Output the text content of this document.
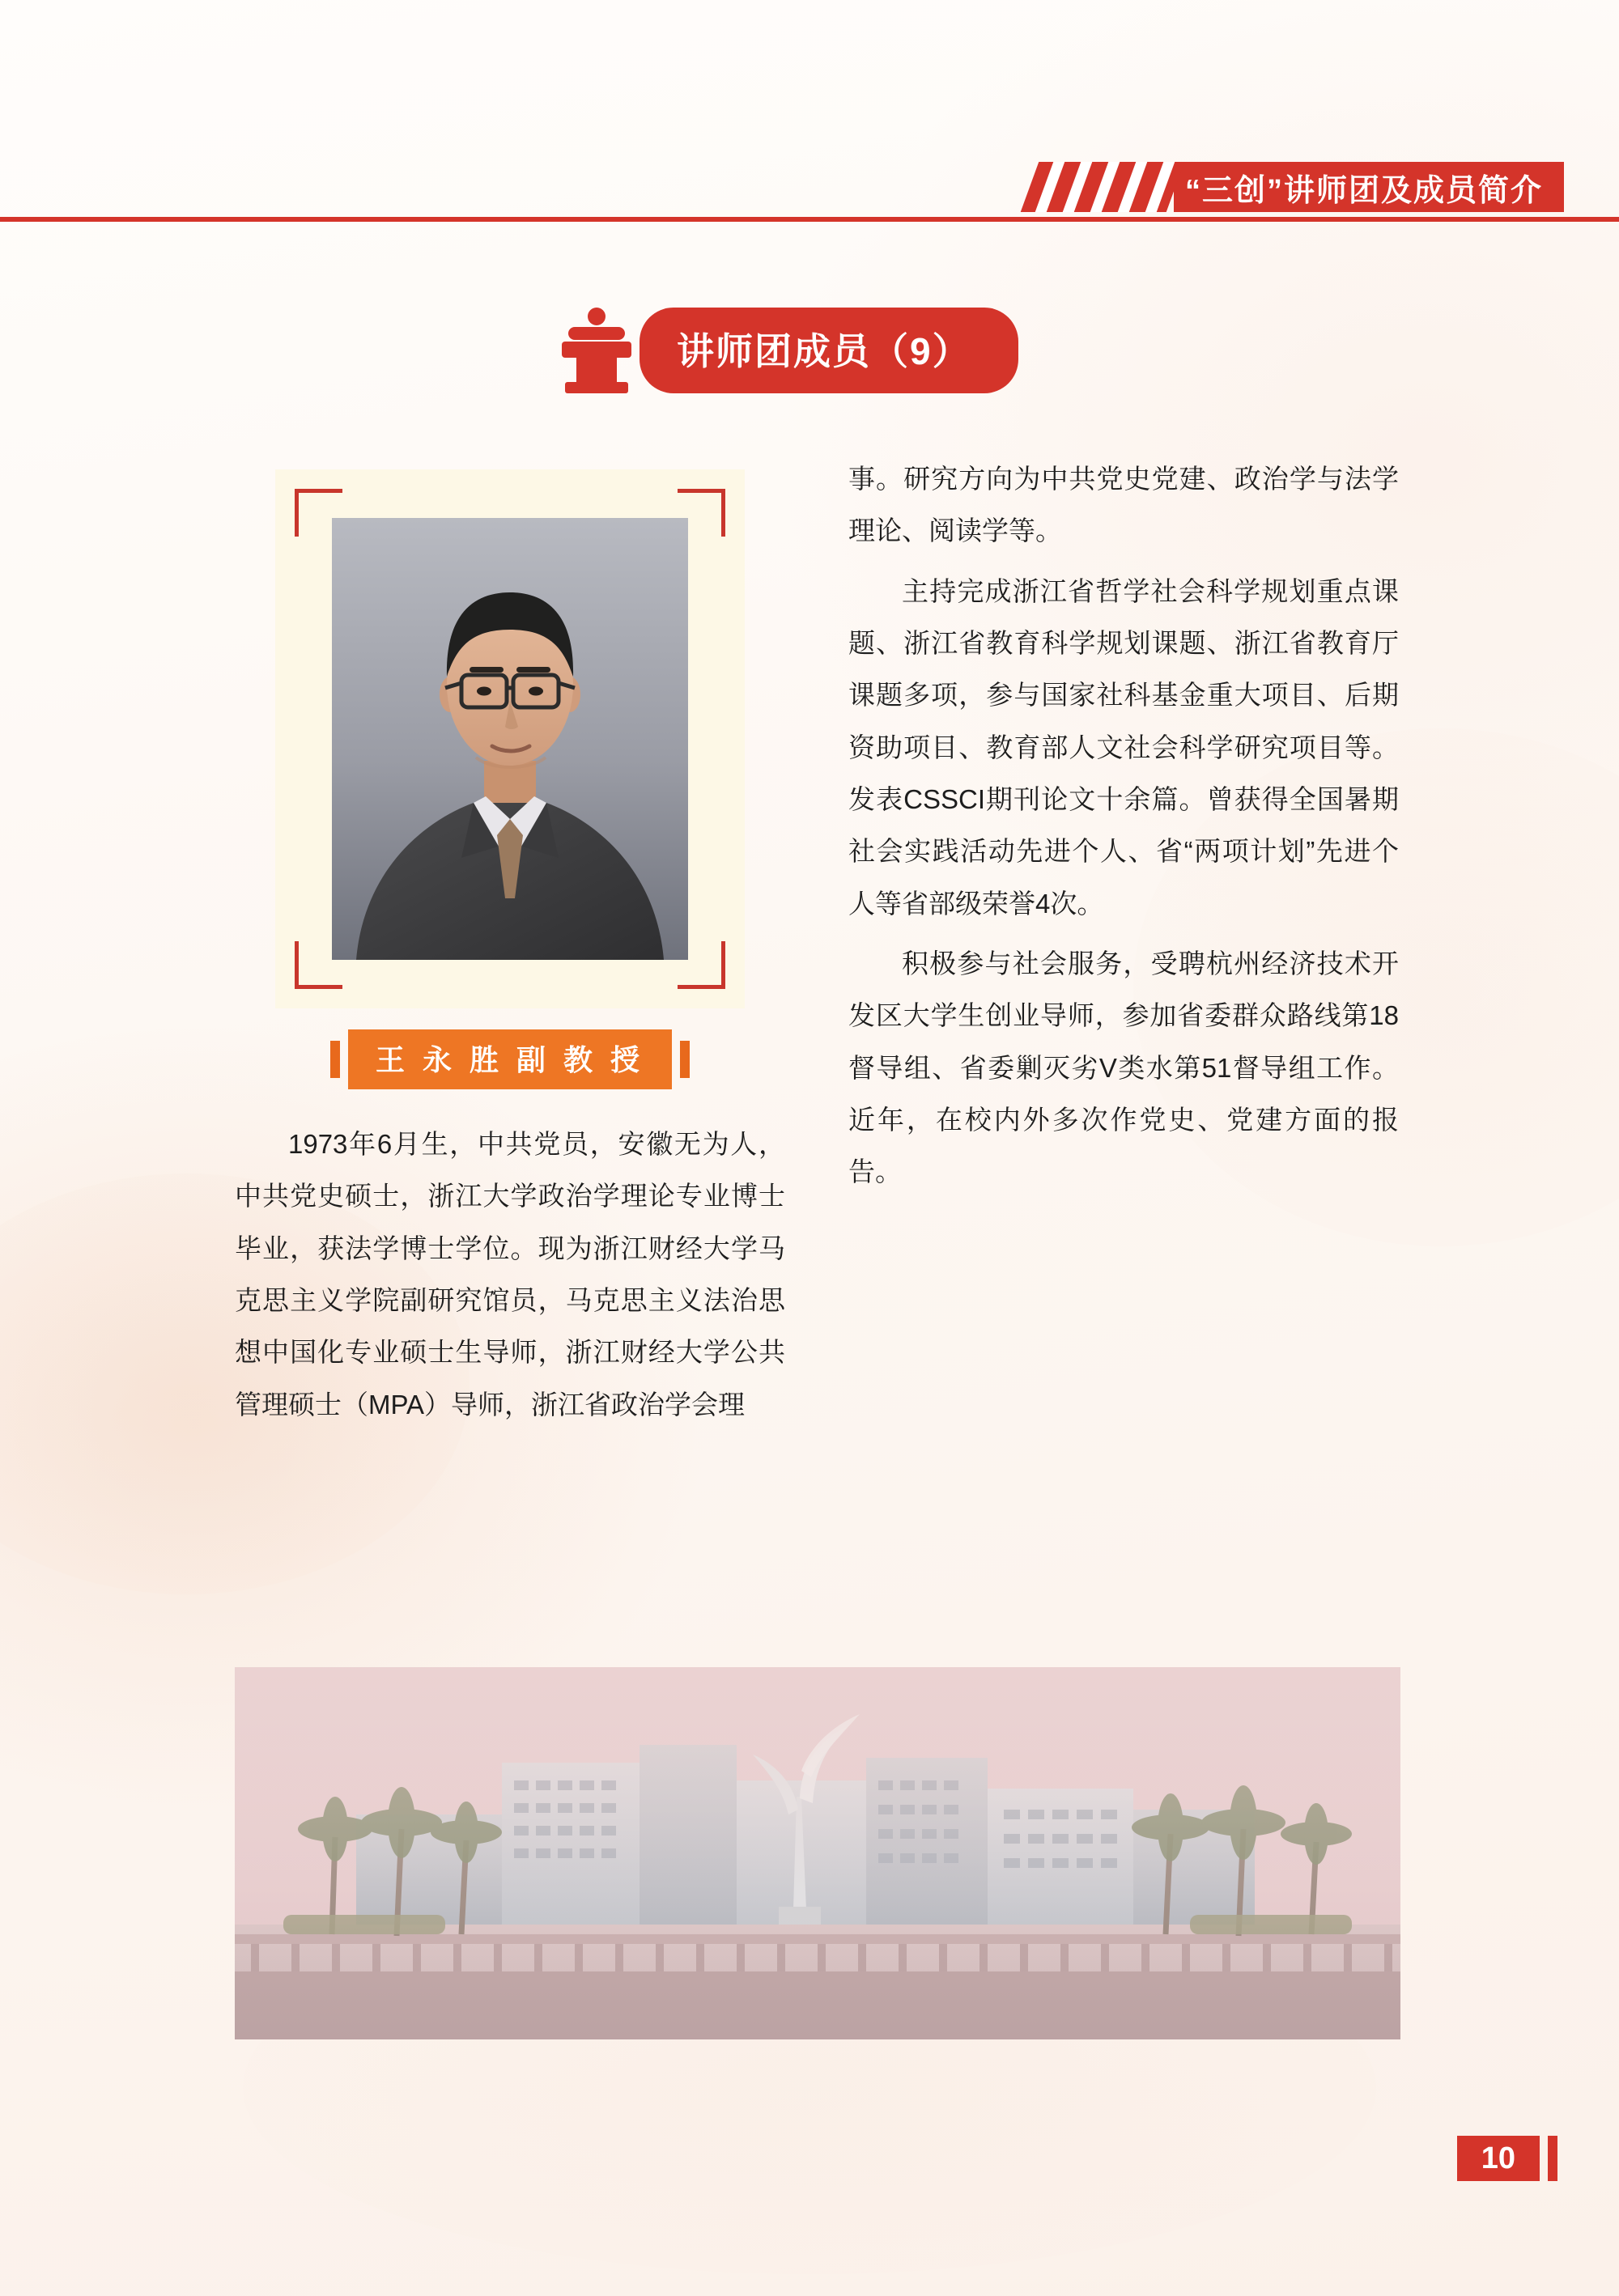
“三创”讲师团及成员简介
讲师团成员（9）
王 永 胜 副 教 授

1973年6月生，中共党员，安徽无为人，中共党史硕士，浙江大学政治学理论专业博士毕业，获法学博士学位。现为浙江财经大学马克思主义学院副研究馆员，马克思主义法治思想中国化专业硕士生导师，浙江财经大学公共管理硕士（MPA）导师，浙江省政治学会理

事。研究方向为中共党史党建、政治学与法学理论、阅读学等。

主持完成浙江省哲学社会科学规划重点课题、浙江省教育科学规划课题、浙江省教育厅课题多项，参与国家社科基金重大项目、后期资助项目、教育部人文社会科学研究项目等。发表CSSCI期刊论文十余篇。曾获得全国暑期社会实践活动先进个人、省“两项计划”先进个人等省部级荣誉4次。

积极参与社会服务，受聘杭州经济技术开发区大学生创业导师，参加省委群众路线第18督导组、省委剿灭劣V类水第51督导组工作。近年，在校内外多次作党史、党建方面的报告。

10
